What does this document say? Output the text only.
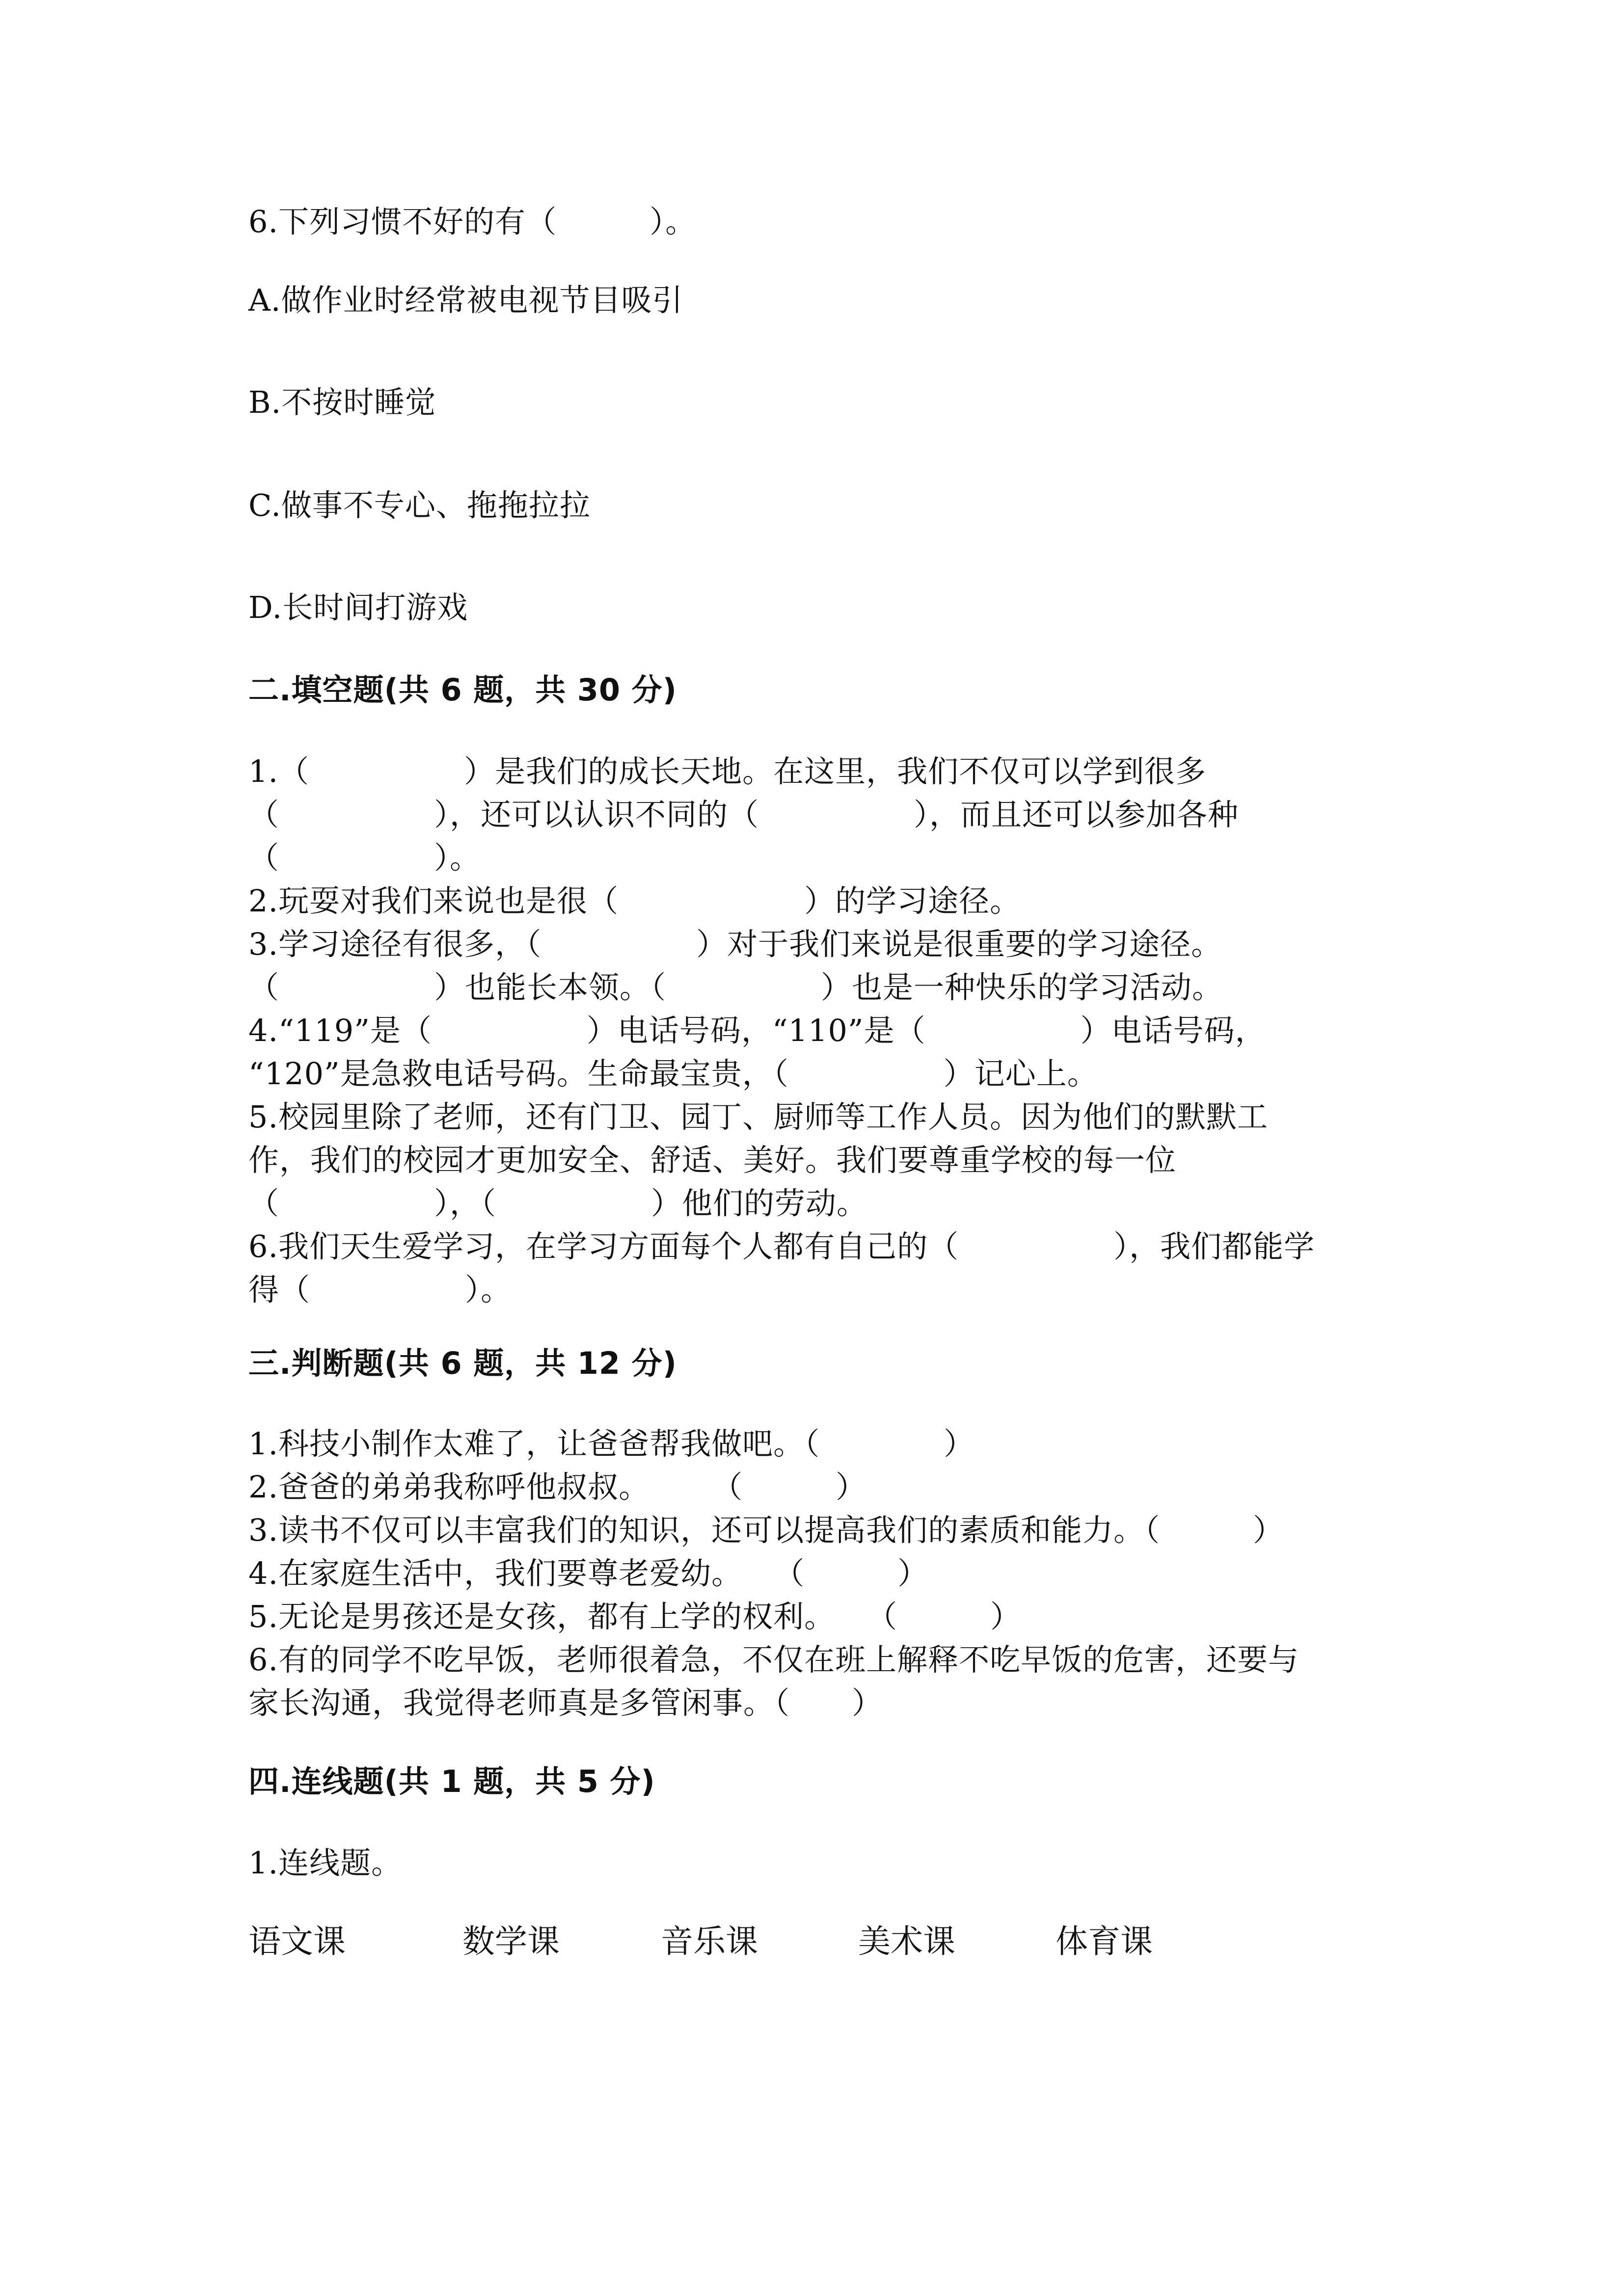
6.下列习惯不好的有（　　　）。
A.做作业时经常被电视节目吸引
B.不按时睡觉
C.做事不专心、拖拖拉拉
D.长时间打游戏
二.填空题(共 6 题，共 30 分)
1.（　　　　　）是我们的成长天地。在这里，我们不仅可以学到很多
（　　　　　），还可以认识不同的（　　　　　），而且还可以参加各种
（　　　　　）。
2.玩耍对我们来说也是很（　　　　　　）的学习途径。
3.学习途径有很多，（　　　　　）对于我们来说是很重要的学习途径。
（　　　　　）也能长本领。（　　　　　）也是一种快乐的学习活动。
4.“119”是（　　　　　）电话号码，“110”是（　　　　　）电话号码，
“120”是急救电话号码。生命最宝贵，（　　　　　）记心上。
5.校园里除了老师，还有门卫、园丁、厨师等工作人员。因为他们的默默工
作，我们的校园才更加安全、舒适、美好。我们要尊重学校的每一位
（　　　　　），（　　　　　）他们的劳动。
6.我们天生爱学习，在学习方面每个人都有自己的（　　　　　），我们都能学
得（　　　　　）。
三.判断题(共 6 题，共 12 分)
1.科技小制作太难了，让爸爸帮我做吧。（　　　　）
2.爸爸的弟弟我称呼他叔叔。　　　（　　　）
3.读书不仅可以丰富我们的知识，还可以提高我们的素质和能力。（　　　）
4.在家庭生活中，我们要尊老爱幼。　　（　　　）
5.无论是男孩还是女孩，都有上学的权利。　　（　　　）
6.有的同学不吃早饭，老师很着急，不仅在班上解释不吃早饭的危害，还要与
家长沟通，我觉得老师真是多管闲事。（　　）
四.连线题(共 1 题，共 5 分)
1.连线题。
语文课	数学课	音乐课	美术课	体育课
